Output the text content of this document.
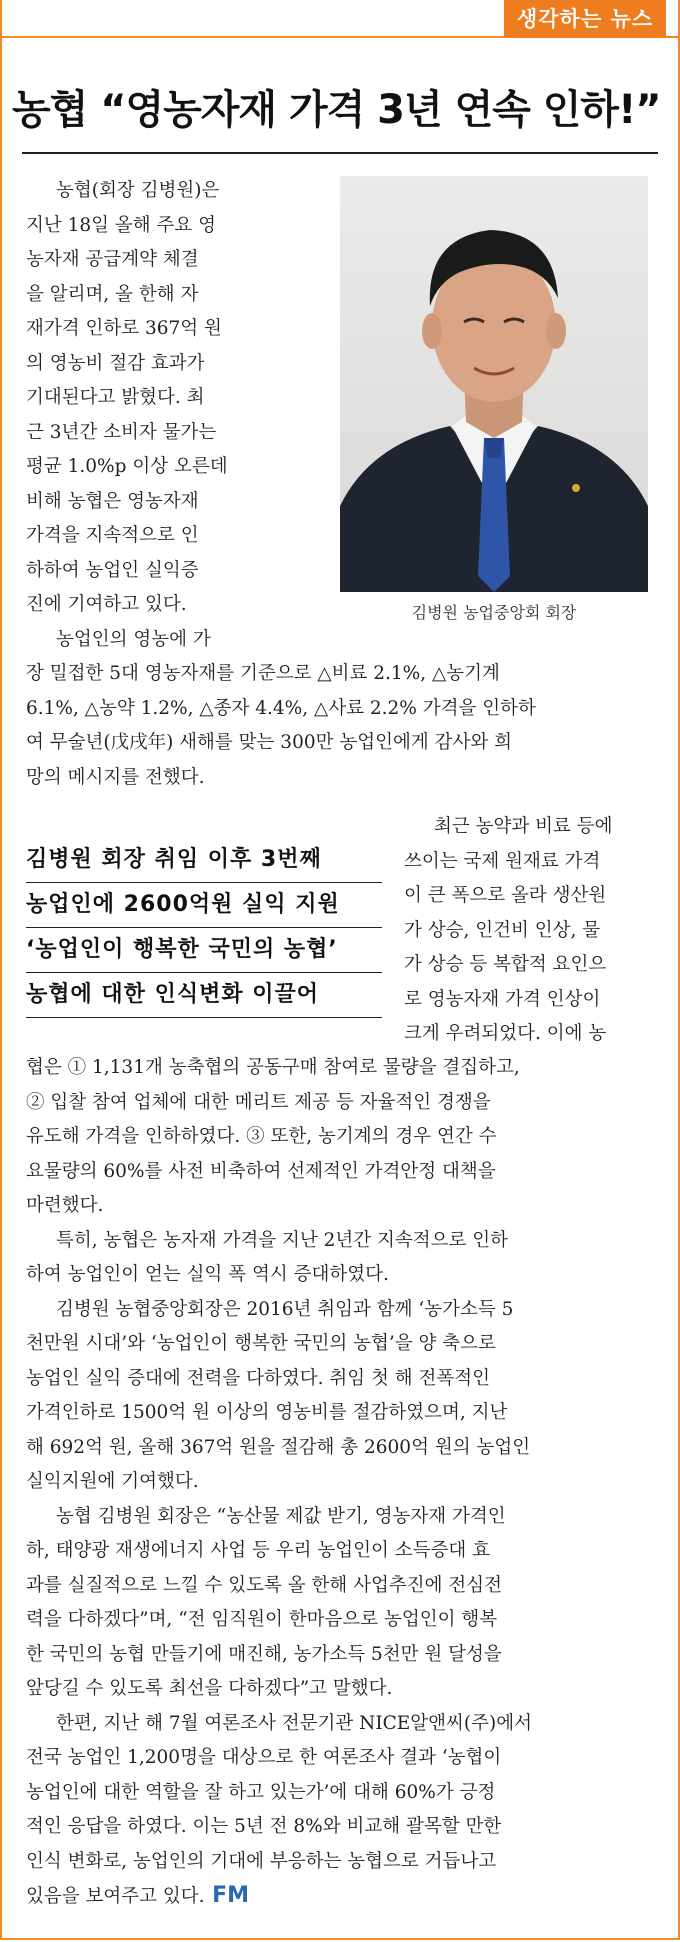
생각하는 뉴스
농협 “영농자재 가격 3년 연속 인하!”
김병원 농업중앙회 회장
농협(회장 김병원)은
지난 18일 올해 주요 영
농자재 공급계약 체결
을 알리며, 올 한해 자
재가격 인하로 367억 원
의 영농비 절감 효과가
기대된다고 밝혔다. 최
근 3년간 소비자 물가는
평균 1.0%p 이상 오른데
비해 농협은 영농자재
가격을 지속적으로 인
하하여 농업인 실익증
진에 기여하고 있다.
농업인의 영농에 가
장 밀접한 5대 영농자재를 기준으로 △비료 2.1%, △농기계
6.1%, △농약 1.2%, △종자 4.4%, △사료 2.2% 가격을 인하하
여 무술년(戊戌年) 새해를 맞는 300만 농업인에게 감사와 희
망의 메시지를 전했다.
김병원 회장 취임 이후 3번째
농업인에 2600억원 실익 지원
‘농업인이 행복한 국민의 농협’
농협에 대한 인식변화 이끌어
최근 농약과 비료 등에
쓰이는 국제 원재료 가격
이 큰 폭으로 올라 생산원
가 상승, 인건비 인상, 물
가 상승 등 복합적 요인으
로 영농자재 가격 인상이
크게 우려되었다. 이에 농
협은 ① 1,131개 농축협의 공동구매 참여로 물량을 결집하고,
② 입찰 참여 업체에 대한 메리트 제공 등 자율적인 경쟁을
유도해 가격을 인하하였다. ③ 또한, 농기계의 경우 연간 수
요물량의 60%를 사전 비축하여 선제적인 가격안정 대책을
마련했다.
특히, 농협은 농자재 가격을 지난 2년간 지속적으로 인하
하여 농업인이 얻는 실익 폭 역시 증대하였다.
김병원 농협중앙회장은 2016년 취임과 함께 ‘농가소득 5
천만원 시대’와 ‘농업인이 행복한 국민의 농협’을 양 축으로
농업인 실익 증대에 전력을 다하였다. 취임 첫 해 전폭적인
가격인하로 1500억 원 이상의 영농비를 절감하였으며, 지난
해 692억 원, 올해 367억 원을 절감해 총 2600억 원의 농업인
실익지원에 기여했다.
농협 김병원 회장은 “농산물 제값 받기, 영농자재 가격인
하, 태양광 재생에너지 사업 등 우리 농업인이 소득증대 효
과를 실질적으로 느낄 수 있도록 올 한해 사업추진에 전심전
력을 다하겠다”며, “전 임직원이 한마음으로 농업인이 행복
한 국민의 농협 만들기에 매진해, 농가소득 5천만 원 달성을
앞당길 수 있도록 최선을 다하겠다”고 말했다.
한편, 지난 해 7월 여론조사 전문기관 NICE알앤씨(주)에서
전국 농업인 1,200명을 대상으로 한 여론조사 결과 ‘농협이
농업인에 대한 역할을 잘 하고 있는가’에 대해 60%가 긍정
적인 응답을 하였다. 이는 5년 전 8%와 비교해 괄목할 만한
인식 변화로, 농업인의 기대에 부응하는 농협으로 거듭나고
있음을 보여주고 있다. FM
